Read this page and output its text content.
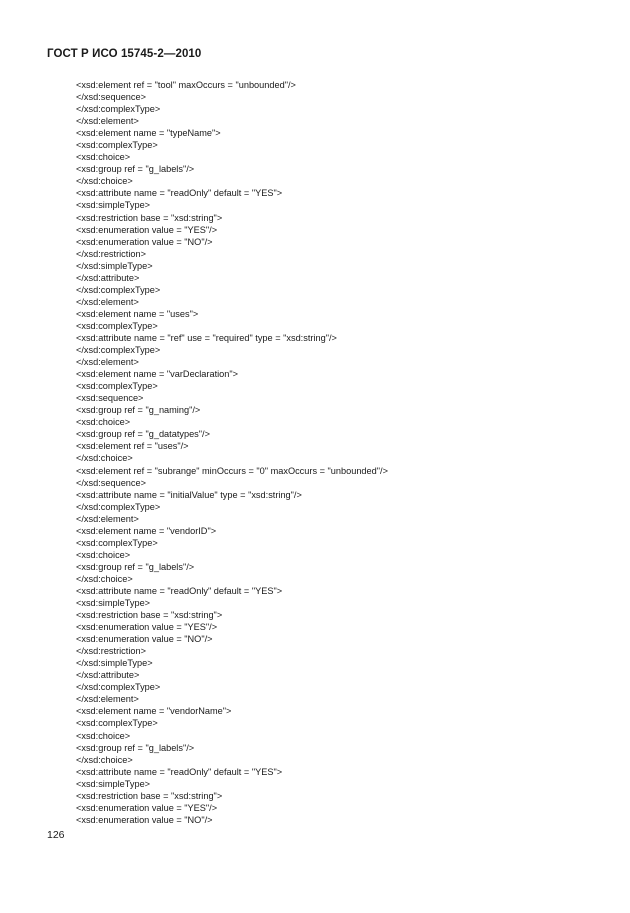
ГОСТ Р ИСО 15745-2—2010
<xsd:element ref = "tool" maxOccurs = "unbounded"/>
</xsd:sequence>
</xsd:complexType>
</xsd:element>
<xsd:element name = "typeName">
<xsd:complexType>
<xsd:choice>
<xsd:group ref = "g_labels"/>
</xsd:choice>
<xsd:attribute name = "readOnly" default = "YES">
<xsd:simpleType>
<xsd:restriction base = "xsd:string">
<xsd:enumeration value = "YES"/>
<xsd:enumeration value = "NO"/>
</xsd:restriction>
</xsd:simpleType>
</xsd:attribute>
</xsd:complexType>
</xsd:element>
<xsd:element name = "uses">
<xsd:complexType>
<xsd:attribute name = "ref" use = "required" type = "xsd:string"/>
</xsd:complexType>
</xsd:element>
<xsd:element name = "varDeclaration">
<xsd:complexType>
<xsd:sequence>
<xsd:group ref = "g_naming"/>
<xsd:choice>
<xsd:group ref = "g_datatypes"/>
<xsd:element ref = "uses"/>
</xsd:choice>
<xsd:element ref = "subrange" minOccurs = "0" maxOccurs = "unbounded"/>
</xsd:sequence>
<xsd:attribute name = "initialValue" type = "xsd:string"/>
</xsd:complexType>
</xsd:element>
<xsd:element name = "vendorID">
<xsd:complexType>
<xsd:choice>
<xsd:group ref = "g_labels"/>
</xsd:choice>
<xsd:attribute name = "readOnly" default = "YES">
<xsd:simpleType>
<xsd:restriction base = "xsd:string">
<xsd:enumeration value = "YES"/>
<xsd:enumeration value = "NO"/>
</xsd:restriction>
</xsd:simpleType>
</xsd:attribute>
</xsd:complexType>
</xsd:element>
<xsd:element name = "vendorName">
<xsd:complexType>
<xsd:choice>
<xsd:group ref = "g_labels"/>
</xsd:choice>
<xsd:attribute name = "readOnly" default = "YES">
<xsd:simpleType>
<xsd:restriction base = "xsd:string">
<xsd:enumeration value = "YES"/>
<xsd:enumeration value = "NO"/>
126
